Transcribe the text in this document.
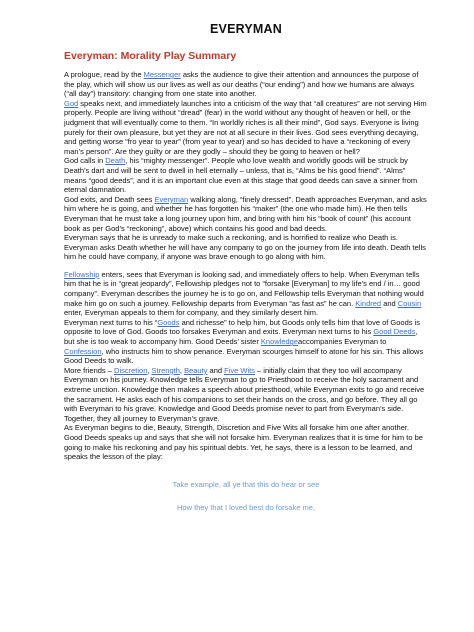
EVERYMAN
Everyman: Morality Play Summary

A prologue, read by the Messenger asks the audience to give their attention and announces the purpose of the play, which will show us our lives as well as our deaths (“our ending”) and how we humans are always (“all day”) transitory: changing from one state into another.

God speaks next, and immediately launches into a criticism of the way that “all creatures” are not serving Him properly. People are living without “dread” (fear) in the world without any thought of heaven or hell, or the judgment that will eventually come to them. “In worldly riches is all their mind”, God says. Everyone is living purely for their own pleasure, but yet they are not at all secure in their lives. God sees everything decaying, and getting worse “fro year to year” (from year to year) and so has decided to have a “reckoning of every man’s person”. Are they guilty or are they godly – should they be going to heaven or hell?

God calls in Death, his “mighty messenger”. People who love wealth and worldly goods will be struck by Death’s dart and will be sent to dwell in hell eternally – unless, that is, “Alms be his good friend”. “Alms” means “good deeds”, and it is an important clue even at this stage that good deeds can save a sinner from eternal damnation.

God exits, and Death sees Everyman walking along, “finely dressed”. Death approaches Everyman, and asks him where he is going, and whether he has forgotten his “maker” (the one who made him). He then tells Everyman that he must take a long journey upon him, and bring with him his “book of count” (his account book as per God’s “reckoning”, above) which contains his good and bad deeds.

Everyman says that he is unready to make such a reckoning, and is horrified to realize who Death is. Everyman asks Death whether he will have any company to go on the journey from life into death. Death tells him he could have company, if anyone was brave enough to go along with him.

Fellowship enters, sees that Everyman is looking sad, and immediately offers to help. When Everyman tells him that he is in “great jeopardy”, Fellowship pledges not to “forsake [Everyman] to my life’s end / in… good company”. Everyman describes the journey he is to go on, and Fellowship tells Everyman that nothing would make him go on such a journey. Fellowship departs from Everyman “as fast as” he can. Kindred and Cousin enter, Everyman appeals to them for company, and they similarly desert him.

Everyman next turns to his “Goods and richesse” to help him, but Goods only tells him that love of Goods is opposite to love of God. Goods too forsakes Everyman and exits. Everyman next turns to his Good Deeds, but she is too weak to accompany him. Good Deeds’ sister Knowledgeaccompanies Everyman to Confession, who instructs him to show penance. Everyman scourges himself to atone for his sin. This allows Good Deeds to walk.

More friends – Discretion, Strength, Beauty and Five Wits – initially claim that they too will accompany Everyman on his journey. Knowledge tells Everyman to go to Priesthood to receive the holy sacrament and extreme unction. Knowledge then makes a speech about priesthood, while Everyman exits to go and receive the sacrament. He asks each of his companions to set their hands on the cross, and go before. They all go with Everyman to his grave. Knowledge and Good Deeds promise never to part from Everyman’s side. Together, they all journey to Everyman’s grave.

As Everyman begins to die, Beauty, Strength, Discretion and Five Wits all forsake him one after another. Good Deeds speaks up and says that she will not forsake him. Everyman realizes that it is time for him to be going to make his reckoning and pay his spiritual debts. Yet, he says, there is a lesson to be learned, and speaks the lesson of the play:

Take example, all ye that this do hear or see

How they that I loved best do forsake me,
